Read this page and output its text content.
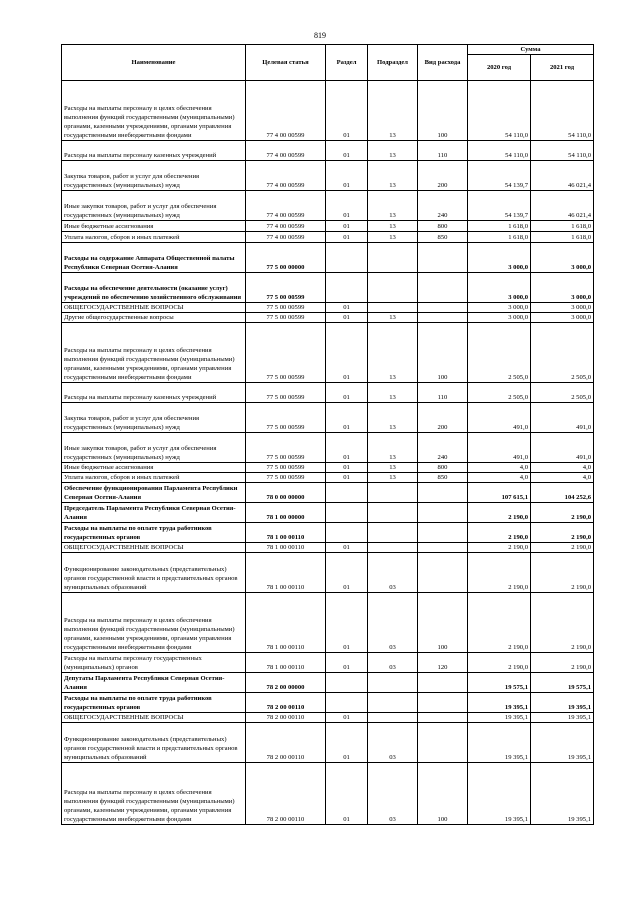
819
Наименование	Целевая статья	Раздел	Подраздел	Вид расхода	Сумма	
					2020 год	2021 год
Расходы на выплаты персоналу в целях обеспечения выполнения функций государственными (муниципальными) органами, казенными учреждениями, органами управления государственными внебюджетными фондами	77 4 00 00599	01	13	100	54 110,0	54 110,0
Расходы на выплаты персоналу казенных учреждений	77 4 00 00599	01	13	110	54 110,0	54 110,0
Закупка товаров, работ и услуг для обеспечения государственных (муниципальных) нужд	77 4 00 00599	01	13	200	54 139,7	46 021,4
Иные закупки товаров, работ и услуг для обеспечения государственных (муниципальных) нужд	77 4 00 00599	01	13	240	54 139,7	46 021,4
Иные бюджетные ассигнования	77 4 00 00599	01	13	800	1 618,0	1 618,0
Уплата налогов, сборов и иных платежей	77 4 00 00599	01	13	850	1 618,0	1 618,0
Расходы на содержание Аппарата Общественной палаты Республики Северная Осетия-Алания	77 5 00 00000				3 000,0	3 000,0
Расходы на обеспечение деятельности (оказание услуг) учреждений по обеспечению хозяйственного обслуживания	77 5 00 00599				3 000,0	3 000,0
ОБЩЕГОСУДАРСТВЕННЫЕ ВОПРОСЫ	77 5 00 00599	01			3 000,0	3 000,0
Другие общегосударственные вопросы	77 5 00 00599	01	13		3 000,0	3 000,0
Расходы на выплаты персоналу в целях обеспечения выполнения функций государственными (муниципальными) органами, казенными учреждениями, органами управления государственными внебюджетными фондами	77 5 00 00599	01	13	100	2 505,0	2 505,0
Расходы на выплаты персоналу казенных учреждений	77 5 00 00599	01	13	110	2 505,0	2 505,0
Закупка товаров, работ и услуг для обеспечения государственных (муниципальных) нужд	77 5 00 00599	01	13	200	491,0	491,0
Иные закупки товаров, работ и услуг для обеспечения государственных (муниципальных) нужд	77 5 00 00599	01	13	240	491,0	491,0
Иные бюджетные ассигнования	77 5 00 00599	01	13	800	4,0	4,0
Уплата налогов, сборов и иных платежей	77 5 00 00599	01	13	850	4,0	4,0
Обеспечение функционирования Парламента Республики Северная Осетия-Алания	78 0 00 00000				107 615,1	104 252,6
Председатель Парламента Республики Северная Осетия-Алания	78 1 00 00000				2 190,0	2 190,0
Расходы на выплаты по оплате труда работников государственных органов	78 1 00 00110				2 190,0	2 190,0
ОБЩЕГОСУДАРСТВЕННЫЕ ВОПРОСЫ	78 1 00 00110	01			2 190,0	2 190,0
Функционирование законодательных (представительных) органов государственной власти и представительных органов муниципальных образований	78 1 00 00110	01	03		2 190,0	2 190,0
Расходы на выплаты персоналу в целях обеспечения выполнения функций государственными (муниципальными) органами, казенными учреждениями, органами управления государственными внебюджетными фондами	78 1 00 00110	01	03	100	2 190,0	2 190,0
Расходы на выплаты персоналу государственных (муниципальных) органов	78 1 00 00110	01	03	120	2 190,0	2 190,0
Депутаты Парламента Республики Северная Осетия-Алания	78 2 00 00000				19 575,1	19 575,1
Расходы на выплаты по оплате труда работников государственных органов	78 2 00 00110				19 395,1	19 395,1
ОБЩЕГОСУДАРСТВЕННЫЕ ВОПРОСЫ	78 2 00 00110	01			19 395,1	19 395,1
Функционирование законодательных (представительных) органов государственной власти и представительных органов муниципальных образований	78 2 00 00110	01	03		19 395,1	19 395,1
Расходы на выплаты персоналу в целях обеспечения выполнения функций государственными (муниципальными) органами, казенными учреждениями, органами управления государственными внебюджетными фондами	78 2 00 00110	01	03	100	19 395,1	19 395,1
